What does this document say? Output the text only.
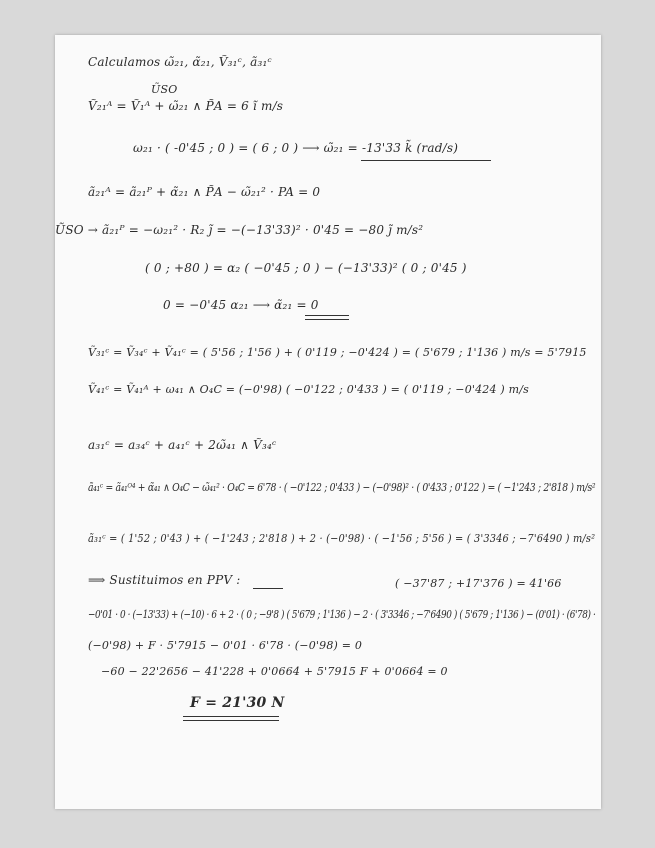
Calculamos ω̃₂₁, α̃₂₁, Ṽ₃₁ᶜ, ã₃₁ᶜ
ŨSO
Ṽ₂₁ᴬ = Ṽ₁ᴬ + ω̃₂₁ ∧ P̃A = 6 ĩ m/s
ω₂₁ · ( -0'45 ; 0 ) = ( 6 ; 0 ) ⟶ ω̃₂₁ = -13'33 k̃ (rad/s)
ã₂₁ᴬ = ã₂₁ᴾ + α̃₂₁ ∧ P̃A − ω̃₂₁² · PA = 0
ŨSO → ã₂₁ᴾ = −ω₂₁² · R₂ j̃ = −(−13'33)² · 0'45 = −80 j̃ m/s²
( 0 ; +80 ) = α₂ ( −0'45 ; 0 ) − (−13'33)² ( 0 ; 0'45 )
0 = −0'45 α₂₁ ⟶ α̃₂₁ = 0
Ṽ₃₁ᶜ = Ṽ₃₄ᶜ + Ṽ₄₁ᶜ = ( 5'56 ; 1'56 ) + ( 0'119 ; −0'424 ) = ( 5'679 ; 1'136 ) m/s = 5'7915
Ṽ₄₁ᶜ = Ṽ₄₁ᴬ + ω₄₁ ∧ O₄C = (−0'98) ( −0'122 ; 0'433 ) = ( 0'119 ; −0'424 ) m/s
a₃₁ᶜ = a₃₄ᶜ + a₄₁ᶜ + 2ω̃₄₁ ∧ Ṽ₃₄ᶜ
ã₄₁ᶜ = ã₄₁ᴼ⁴ + α̃₄₁ ∧ O₄C − ω̃₄₁² · O₄C = 6'78 · ( −0'122 ; 0'433 ) − (−0'98)² · ( 0'433 ; 0'122 ) = ( −1'243 ; 2'818 ) m/s²
ã₃₁ᶜ = ( 1'52 ; 0'43 ) + ( −1'243 ; 2'818 ) + 2 · (−0'98) · ( −1'56 ; 5'56 ) = ( 3'3346 ; −7'6490 ) m/s²
⟹ Sustituimos en PPV :	( −37'87 ; +17'376 ) = 41'66
−0'01 · 0 · (−13'33) + (−10) · 6 + 2 · ( 0 ; −9'8 ) ( 5'679 ; 1'136 ) − 2 · ( 3'3346 ; −7'6490 ) ( 5'679 ; 1'136 ) − (0'01) · (6'78) ·
(−0'98) + F · 5'7915 − 0'01 · 6'78 · (−0'98) = 0
−60 − 22'2656 − 41'228 + 0'0664 + 5'7915 F + 0'0664 = 0
F = 21'30 N
